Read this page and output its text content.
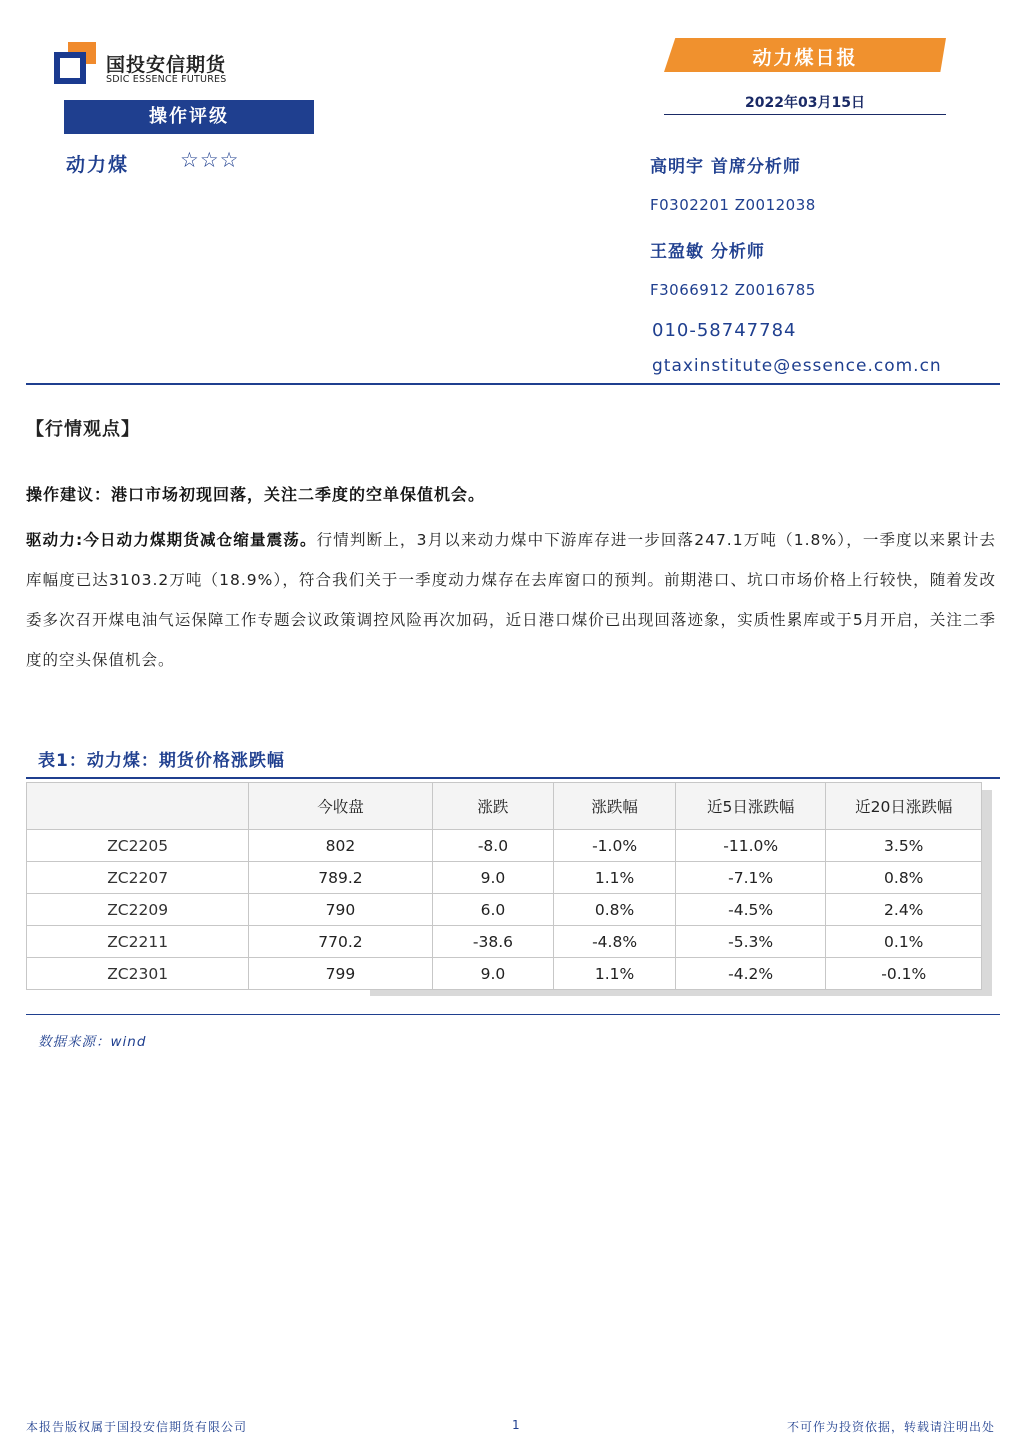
国投安信期货
SDIC ESSENCE FUTURES
动力煤日报
2022年03月15日
操作评级
动力煤 ☆☆☆	高明宇 首席分析师
F0302201 Z0012038
王盈敏 分析师
F3066912 Z0016785
010-58747784
gtaxinstitute@essence.com.cn
【行情观点】
操作建议：港口市场初现回落，关注二季度的空单保值机会。
驱动力:今日动力煤期货减仓缩量震荡。行情判断上，3月以来动力煤中下游库存进一步回落247.1万吨（1.8%），一季度以来累计去库幅度已达3103.2万吨（18.9%），符合我们关于一季度动力煤存在去库窗口的预判。前期港口、坑口市场价格上行较快，随着发改委多次召开煤电油气运保障工作专题会议政策调控风险再次加码，近日港口煤价已出现回落迹象，实质性累库或于5月开启，关注二季度的空头保值机会。
表1：动力煤：期货价格涨跌幅
	今收盘	涨跌	涨跌幅	近5日涨跌幅	近20日涨跌幅
ZC2205	802	-8.0	-1.0%	-11.0%	3.5%
ZC2207	789.2	9.0	1.1%	-7.1%	0.8%
ZC2209	790	6.0	0.8%	-4.5%	2.4%
ZC2211	770.2	-38.6	-4.8%	-5.3%	0.1%
ZC2301	799	9.0	1.1%	-4.2%	-0.1%
数据来源：wind
本报告版权属于国投安信期货有限公司	1	不可作为投资依据，转载请注明出处
